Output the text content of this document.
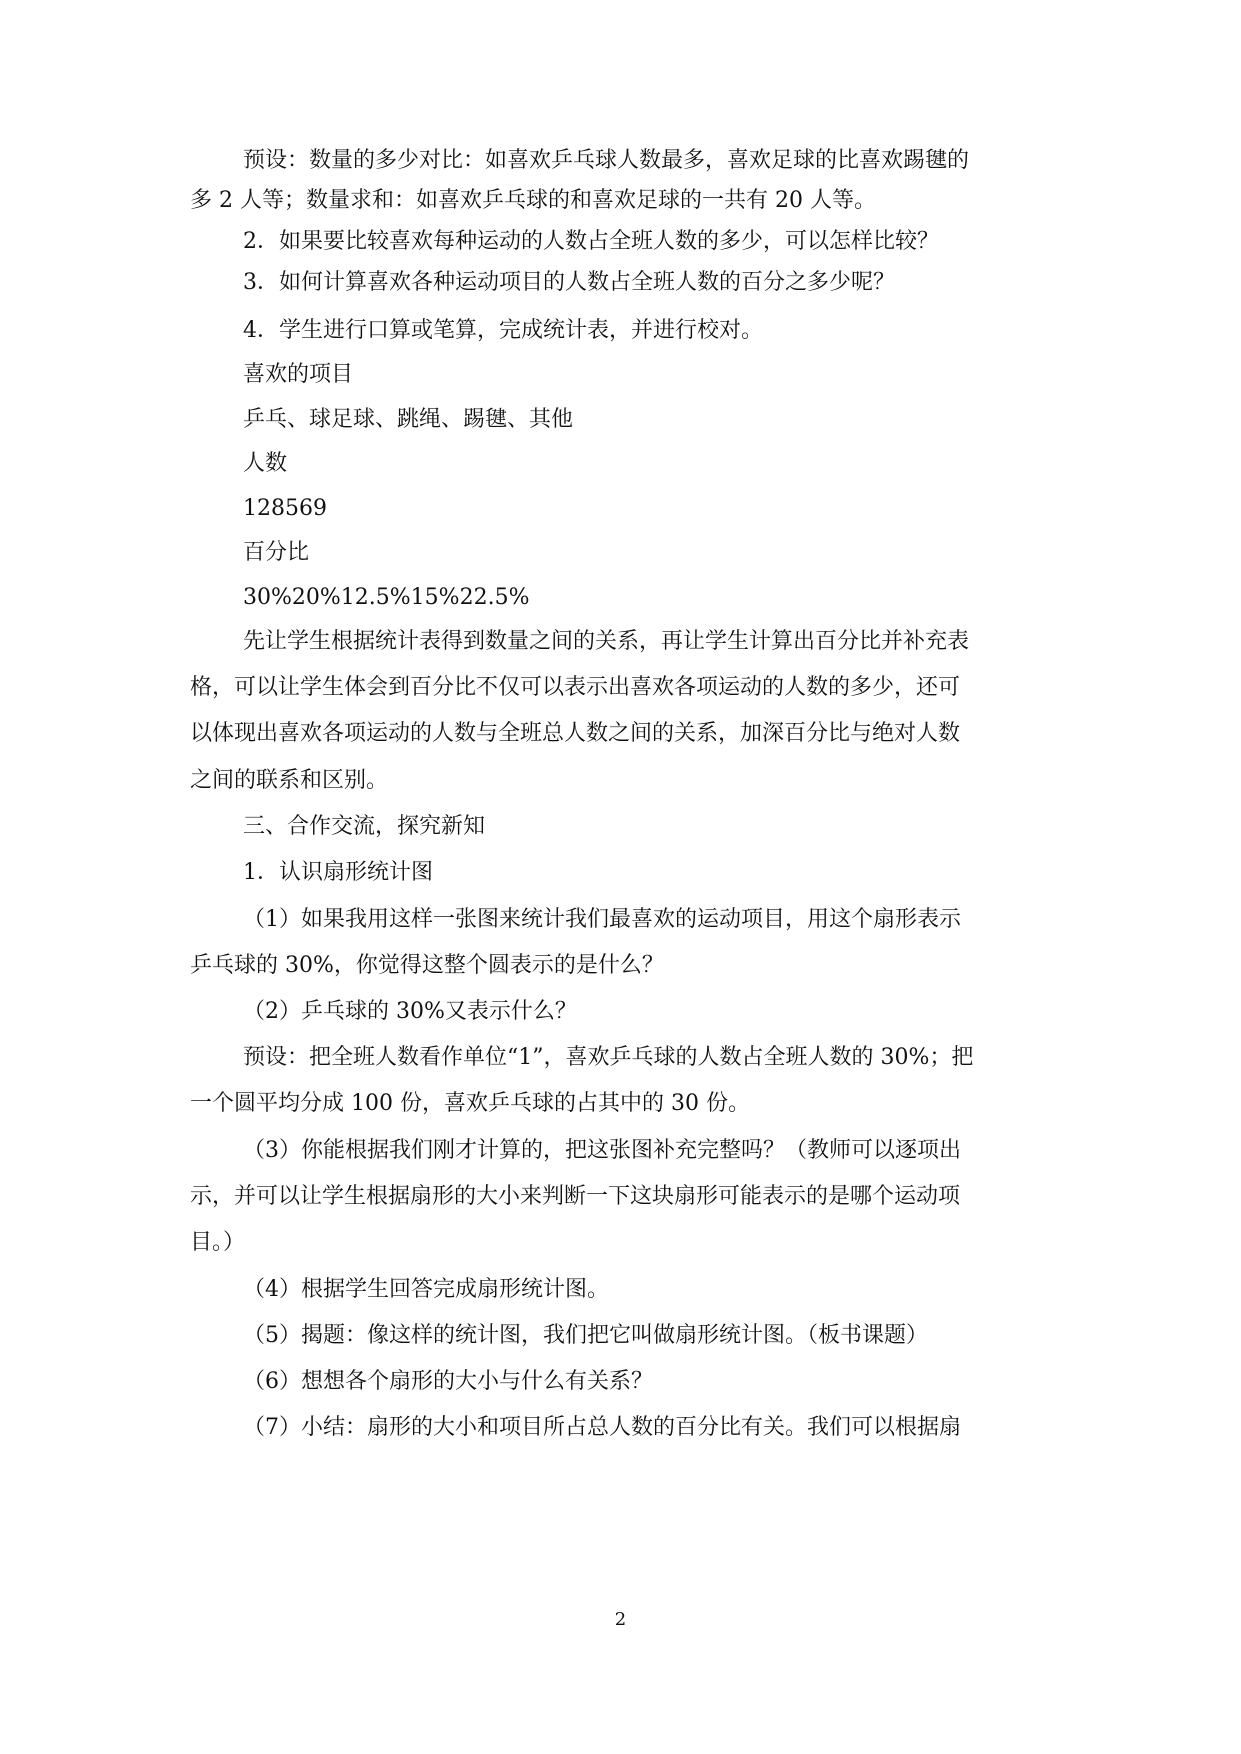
预设：数量的多少对比：如喜欢乒乓球人数最多，喜欢足球的比喜欢踢毽的
多 2 人等；数量求和：如喜欢乒乓球的和喜欢足球的一共有 20 人等。
2．如果要比较喜欢每种运动的人数占全班人数的多少，可以怎样比较？
3．如何计算喜欢各种运动项目的人数占全班人数的百分之多少呢？
4．学生进行口算或笔算，完成统计表，并进行校对。
喜欢的项目
乒乓、球足球、跳绳、踢毽、其他
人数
128569
百分比
30%20%12.5%15%22.5%
先让学生根据统计表得到数量之间的关系，再让学生计算出百分比并补充表
格，可以让学生体会到百分比不仅可以表示出喜欢各项运动的人数的多少，还可
以体现出喜欢各项运动的人数与全班总人数之间的关系，加深百分比与绝对人数
之间的联系和区别。
三、合作交流，探究新知
1．认识扇形统计图
（1）如果我用这样一张图来统计我们最喜欢的运动项目，用这个扇形表示
乒乓球的 30%，你觉得这整个圆表示的是什么？
（2）乒乓球的 30%又表示什么？
预设：把全班人数看作单位“1”，喜欢乒乓球的人数占全班人数的 30%；把
一个圆平均分成 100 份，喜欢乒乓球的占其中的 30 份。
（3）你能根据我们刚才计算的，把这张图补充完整吗？（教师可以逐项出
示，并可以让学生根据扇形的大小来判断一下这块扇形可能表示的是哪个运动项
目。）
（4）根据学生回答完成扇形统计图。
（5）揭题：像这样的统计图，我们把它叫做扇形统计图。（板书课题）
（6）想想各个扇形的大小与什么有关系？
（7）小结：扇形的大小和项目所占总人数的百分比有关。我们可以根据扇
2
